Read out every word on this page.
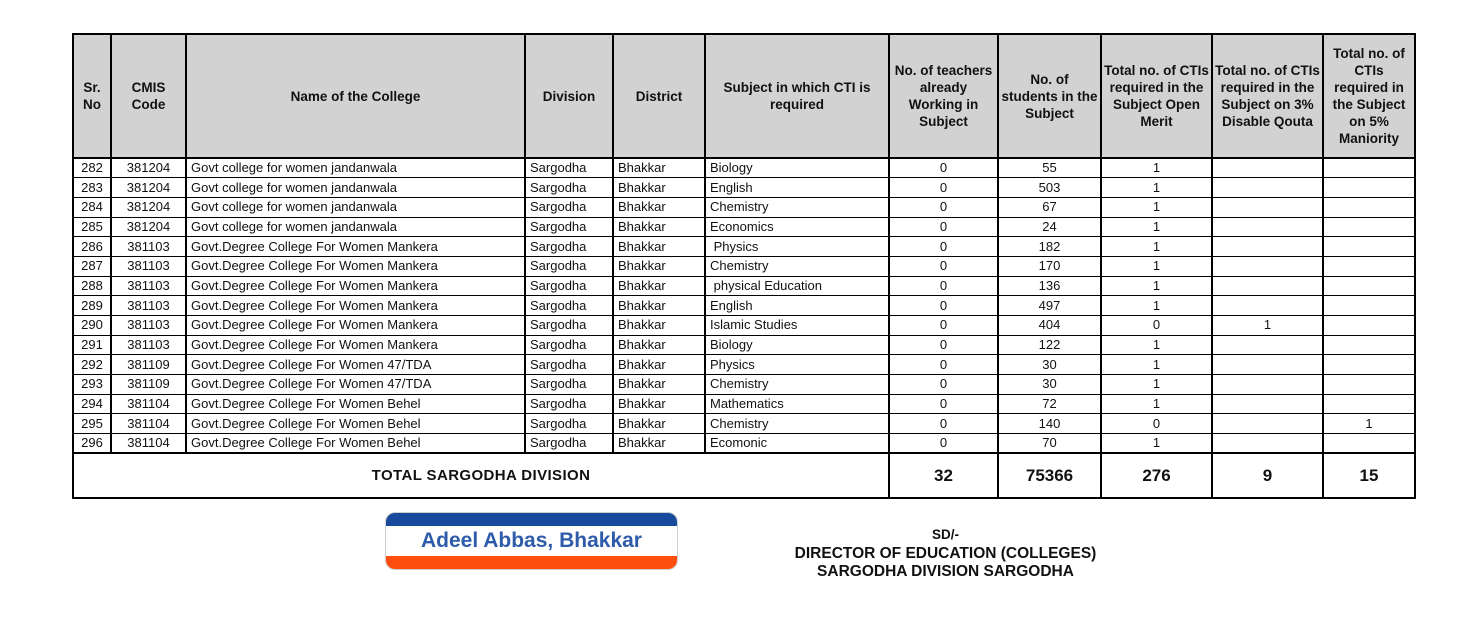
Sr. No	CMIS Code	Name of the College	Division	District	Subject in which CTI is required	No. of teachers already Working in Subject	No. of students in the Subject	Total no. of CTIs required in the Subject Open Merit	Total no. of CTIs required in the Subject on 3% Disable Qouta	Total no. of CTIs required in the Subject on 5% Maniority

282	381204	Govt college for women jandanwala	Sargodha	Bhakkar	Biology	0	55	1		
283	381204	Govt college for women jandanwala	Sargodha	Bhakkar	English	0	503	1		
284	381204	Govt college for women jandanwala	Sargodha	Bhakkar	Chemistry	0	67	1		
285	381204	Govt college for women jandanwala	Sargodha	Bhakkar	Economics	0	24	1		
286	381103	Govt.Degree College For Women Mankera	Sargodha	Bhakkar	Physics	0	182	1		
287	381103	Govt.Degree College For Women Mankera	Sargodha	Bhakkar	Chemistry	0	170	1		
288	381103	Govt.Degree College For Women Mankera	Sargodha	Bhakkar	physical Education	0	136	1		
289	381103	Govt.Degree College For Women Mankera	Sargodha	Bhakkar	English	0	497	1		
290	381103	Govt.Degree College For Women Mankera	Sargodha	Bhakkar	Islamic Studies	0	404	0	1	
291	381103	Govt.Degree College For Women Mankera	Sargodha	Bhakkar	Biology	0	122	1		
292	381109	Govt.Degree College For Women 47/TDA	Sargodha	Bhakkar	Physics	0	30	1		
293	381109	Govt.Degree College For Women 47/TDA	Sargodha	Bhakkar	Chemistry	0	30	1		
294	381104	Govt.Degree College For Women Behel	Sargodha	Bhakkar	Mathematics	0	72	1		
295	381104	Govt.Degree College For Women Behel	Sargodha	Bhakkar	Chemistry	0	140	0		1
296	381104	Govt.Degree College For Women Behel	Sargodha	Bhakkar	Ecomonic	0	70	1		
TOTAL SARGODHA DIVISION						32	75366	276	9	15
Adeel Abbas, Bhakkar	SD/-
DIRECTOR OF EDUCATION (COLLEGES)
SARGODHA DIVISION SARGODHA
